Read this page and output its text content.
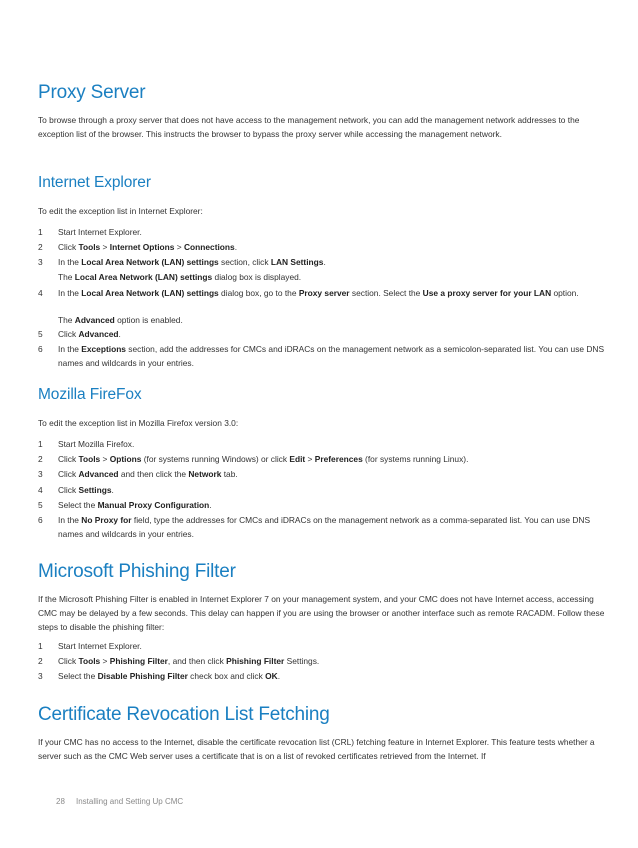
Proxy Server

To browse through a proxy server that does not have access to the management network, you can add the management network addresses to the exception list of the browser. This instructs the browser to bypass the proxy server while accessing the management network.

Internet Explorer

To edit the exception list in Internet Explorer:

Mozilla FireFox

To edit the exception list in Mozilla Firefox version 3.0:

Microsoft Phishing Filter

If the Microsoft Phishing Filter is enabled in Internet Explorer 7 on your management system, and your CMC does not have Internet access, accessing CMC may be delayed by a few seconds. This delay can happen if you are using the browser or another interface such as remote RACADM. Follow these steps to disable the phishing filter:

Certificate Revocation List Fetching

If your CMC has no access to the Internet, disable the certificate revocation list (CRL) fetching feature in Internet Explorer. This feature tests whether a server such as the CMC Web server uses a certificate that is on a list of revoked certificates retrieved from the Internet. If

28 Installing and Setting Up CMC
1	Start Internet Explorer.
2	Click Tools > Internet Options > Connections.
3	In the Local Area Network (LAN) settings section, click LAN Settings.
The Local Area Network (LAN) settings dialog box is displayed.
4	In the Local Area Network (LAN) settings dialog box, go to the Proxy server section. Select the Use a proxy server for your LAN option.
The Advanced option is enabled.
5	Click Advanced.
6	In the Exceptions section, add the addresses for CMCs and iDRACs on the management network as a semicolon-separated list. You can use DNS names and wildcards in your entries.
1	Start Mozilla Firefox.
2	Click Tools > Options (for systems running Windows) or click Edit > Preferences (for systems running Linux).
3	Click Advanced and then click the Network tab.
4	Click Settings.
5	Select the Manual Proxy Configuration.
6	In the No Proxy for field, type the addresses for CMCs and iDRACs on the management network as a comma-separated list. You can use DNS names and wildcards in your entries.
1	Start Internet Explorer.
2	Click Tools > Phishing Filter, and then click Phishing Filter Settings.
3	Select the Disable Phishing Filter check box and click OK.
